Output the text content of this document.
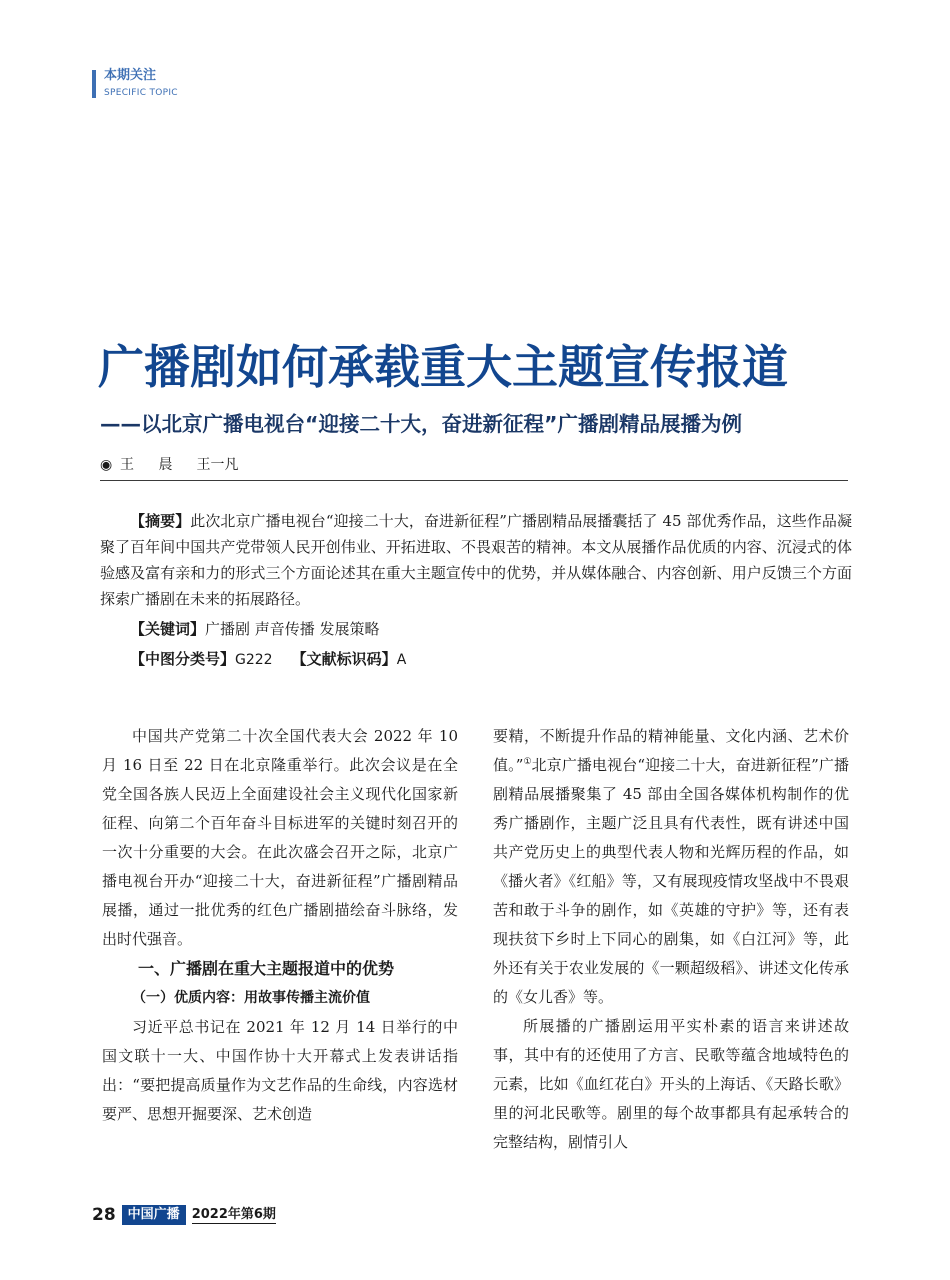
本期关注
SPECIFIC TOPIC
广播剧如何承载重大主题宣传报道
——以北京广播电视台“迎接二十大，奋进新征程”广播剧精品展播为例
◉ 王 晨 王一凡

【摘要】此次北京广播电视台“迎接二十大，奋进新征程”广播剧精品展播囊括了 45 部优秀作品，这些作品凝聚了百年间中国共产党带领人民开创伟业、开拓进取、不畏艰苦的精神。本文从展播作品优质的内容、沉浸式的体验感及富有亲和力的形式三个方面论述其在重大主题宣传中的优势，并从媒体融合、内容创新、用户反馈三个方面探索广播剧在未来的拓展路径。

【关键词】广播剧 声音传播 发展策略

【中图分类号】G222 【文献标识码】A

中国共产党第二十次全国代表大会 2022 年 10 月 16 日至 22 日在北京隆重举行。此次会议是在全党全国各族人民迈上全面建设社会主义现代化国家新征程、向第二个百年奋斗目标进军的关键时刻召开的一次十分重要的大会。在此次盛会召开之际，北京广播电视台开办“迎接二十大，奋进新征程”广播剧精品展播，通过一批优秀的红色广播剧描绘奋斗脉络，发出时代强音。

一、广播剧在重大主题报道中的优势

（一）优质内容：用故事传播主流价值

习近平总书记在 2021 年 12 月 14 日举行的中国文联十一大、中国作协十大开幕式上发表讲话指出：“要把提高质量作为文艺作品的生命线，内容选材要严、思想开掘要深、艺术创造

要精，不断提升作品的精神能量、文化内涵、艺术价值。”①北京广播电视台“迎接二十大，奋进新征程”广播剧精品展播聚集了 45 部由全国各媒体机构制作的优秀广播剧作，主题广泛且具有代表性，既有讲述中国共产党历史上的典型代表人物和光辉历程的作品，如《播火者》《红船》等，又有展现疫情攻坚战中不畏艰苦和敢于斗争的剧作，如《英雄的守护》等，还有表现扶贫下乡时上下同心的剧集，如《白江河》等，此外还有关于农业发展的《一颗超级稻》、讲述文化传承的《女儿香》等。

所展播的广播剧运用平实朴素的语言来讲述故事，其中有的还使用了方言、民歌等蕴含地域特色的元素，比如《血红花白》开头的上海话、《天路长歌》里的河北民歌等。剧里的每个故事都具有起承转合的完整结构，剧情引人

28 中国广播 2022年第6期
